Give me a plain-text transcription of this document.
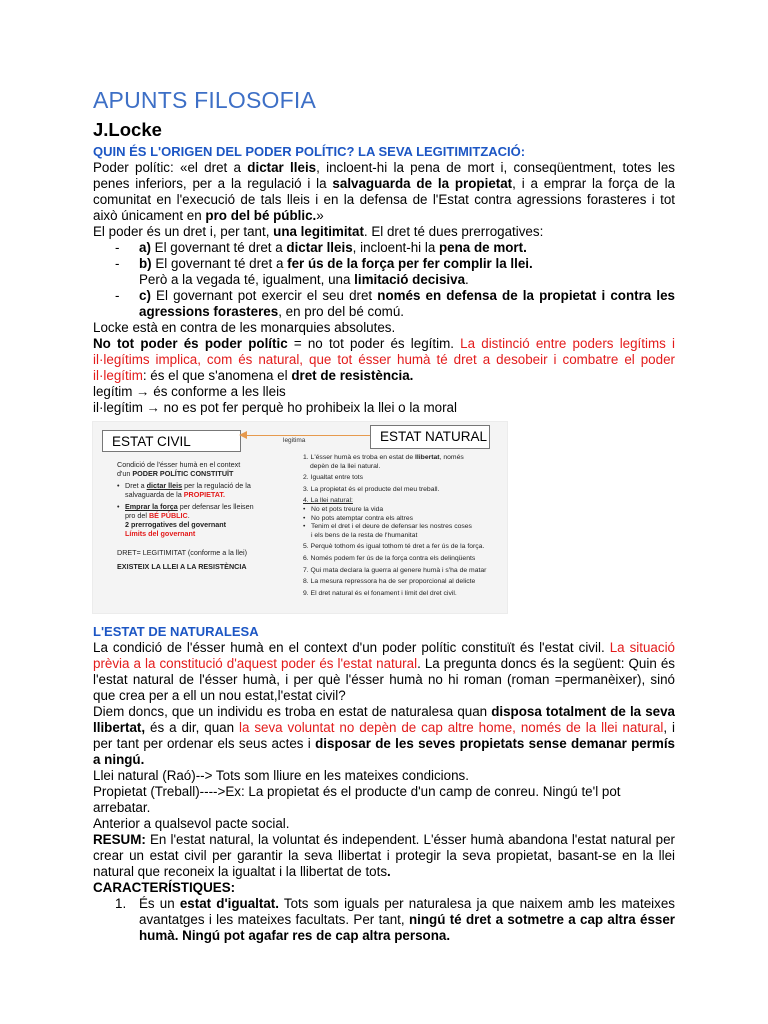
APUNTS FILOSOFIA
J.Locke
QUIN ÉS L'ORIGEN DEL PODER POLÍTIC? LA SEVA LEGITIMITZACIÓ:

Poder polític: «el dret a dictar lleis, incloent-hi la pena de mort i, conseqüentment, totes les penes inferiors, per a la regulació i la salvaguarda de la propietat, i a emprar la força de la comunitat en l'execució de tals lleis i en la defensa de l'Estat contra agressions forasteres i tot això únicament en pro del bé públic.»

El poder és un dret i, per tant, una legitimitat. El dret té dues prerrogatives:

- a) El governant té dret a dictar lleis, incloent-hi la pena de mort.
- b) El governant té dret a fer ús de la força per fer complir la llei.
Però a la vegada té, igualment, una limitació decisiva.
- c) El governant pot exercir el seu dret només en defensa de la propietat i contra les agressions forasteres, en pro del bé comú.

Locke està en contra de les monarquies absolutes.

No tot poder és poder polític = no tot poder és legítim. La distinció entre poders legítims i il·legítims implica, com és natural, que tot ésser humà té dret a desobeir i combatre el poder il·legítim: és el que s'anomena el dret de resistència.

legítim → és conforme a les lleis

il·legítim → no es pot fer perquè ho prohibeix la llei o la moral

ESTAT CIVIL	legitima	ESTAT NATURAL
Condició de l'ésser humà en el context
d'un PODER POLÍTIC CONSTITUÏT
• Dret a dictar lleis per la regulació de la
salvaguarda de la PROPIETAT.
• Emprar la força per defensar les lleisen
pro del BÉ PÚBLIC.
2 prerrogatives del governant
Límits del governant
DRET= LEGITIMITAT (conforme a la llei)
EXISTEIX LA LLEI A LA RESISTÈNCIA
1. L'ésser humà es troba en estat de llibertat, només
depèn de la llei natural.
2. Igualtat entre tots
3. La propietat és el producte del meu treball.
4. La llei natural:
• No et pots treure la vida
• No pots atemptar contra els altres
• Tenim el dret i el deure de defensar les nostres coses
i els bens de la resta de l'humanitat
5. Perquè tothom és igual tothom té dret a fer ús de la força.
6. Només podem fer ús de la força contra els delinqüents
7. Qui mata declara la guerra al genere humà i s'ha de matar
8. La mesura repressora ha de ser proporcional al delicte
9. El dret natural és el fonament i límit del dret civil.
L'ESTAT DE NATURALESA

La condició de l'ésser humà en el context d'un poder polític constituït és l'estat civil. La situació prèvia a la constitució d'aquest poder és l'estat natural. La pregunta doncs és la següent: Quin és l'estat natural de l'ésser humà, i per què l'ésser humà no hi roman (roman =permanèixer), sinó que crea per a ell un nou estat,l'estat civil?

Diem doncs, que un individu es troba en estat de naturalesa quan disposa totalment de la seva llibertat, és a dir, quan la seva voluntat no depèn de cap altre home, només de la llei natural, i per tant per ordenar els seus actes i disposar de les seves propietats sense demanar permís a ningú.

Llei natural (Raó)--> Tots som lliure en les mateixes condicions.

Propietat (Treball)---->Ex: La propietat és el producte d'un camp de conreu. Ningú te'l pot arrebatar.

Anterior a qualsevol pacte social.

RESUM: En l'estat natural, la voluntat és independent. L'ésser humà abandona l'estat natural per crear un estat civil per garantir la seva llibertat i protegir la seva propietat, basant-se en la llei natural que reconeix la igualtat i la llibertat de tots.

CARACTERÍSTIQUES:

1. És un estat d'igualtat. Tots som iguals per naturalesa ja que naixem amb les mateixes avantatges i les mateixes facultats. Per tant, ningú té dret a sotmetre a cap altra ésser humà. Ningú pot agafar res de cap altra persona.
